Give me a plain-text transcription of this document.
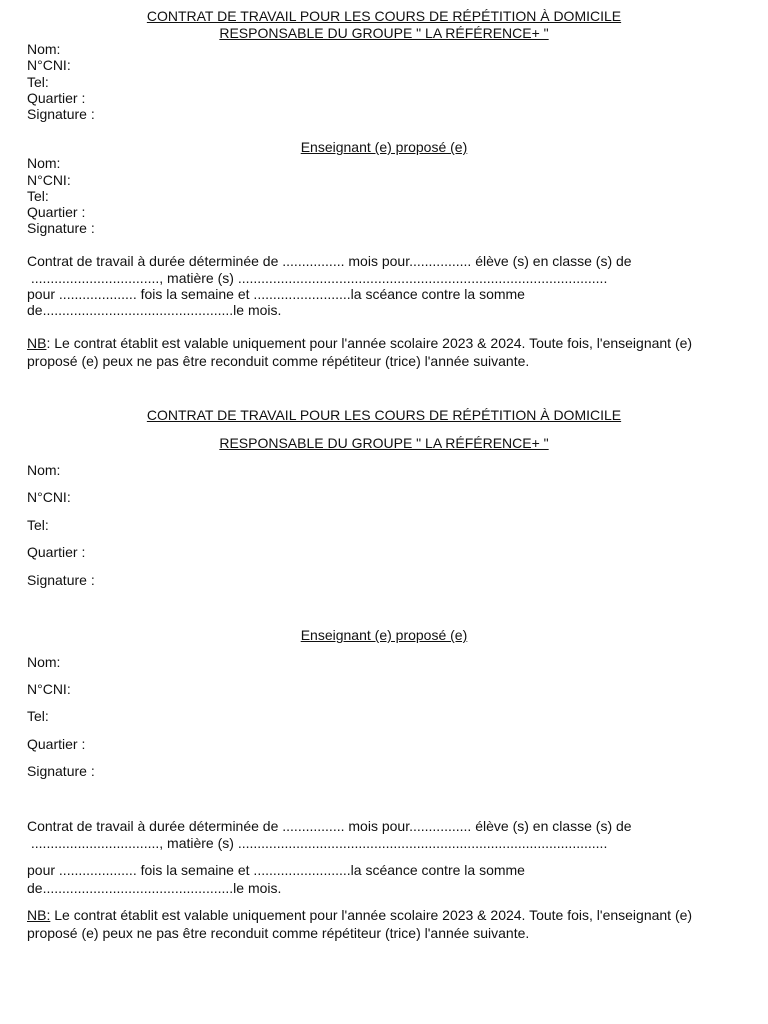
CONTRAT DE TRAVAIL POUR LES COURS DE RÉPÉTITION À DOMICILE
RESPONSABLE DU GROUPE " LA RÉFÉRENCE+ "
Nom:
N°CNI:
Tel:
Quartier :
Signature :
Enseignant (e) proposé (e)
Nom:
N°CNI:
Tel:
Quartier :
Signature :
Contrat de travail à durée déterminée de ................ mois pour................ élève (s) en classe (s) de
................................., matière (s) ...............................................................................................
pour .................... fois la semaine et .........................la scéance contre la somme
de.................................................le mois.
NB: Le contrat établit est valable uniquement pour l'année scolaire 2023 & 2024. Toute fois, l'enseignant (e)
proposé (e) peux ne pas être reconduit comme répétiteur (trice) l'année suivante.
CONTRAT DE TRAVAIL POUR LES COURS DE RÉPÉTITION À DOMICILE
RESPONSABLE DU GROUPE " LA RÉFÉRENCE+ "
Nom:
N°CNI:
Tel:
Quartier :
Signature :
Enseignant (e) proposé (e)
Nom:
N°CNI:
Tel:
Quartier :
Signature :
Contrat de travail à durée déterminée de ................ mois pour................ élève (s) en classe (s) de
................................., matière (s) ...............................................................................................
pour .................... fois la semaine et .........................la scéance contre la somme
de.................................................le mois.
NB: Le contrat établit est valable uniquement pour l'année scolaire 2023 & 2024. Toute fois, l'enseignant (e)
proposé (e) peux ne pas être reconduit comme répétiteur (trice) l'année suivante.
